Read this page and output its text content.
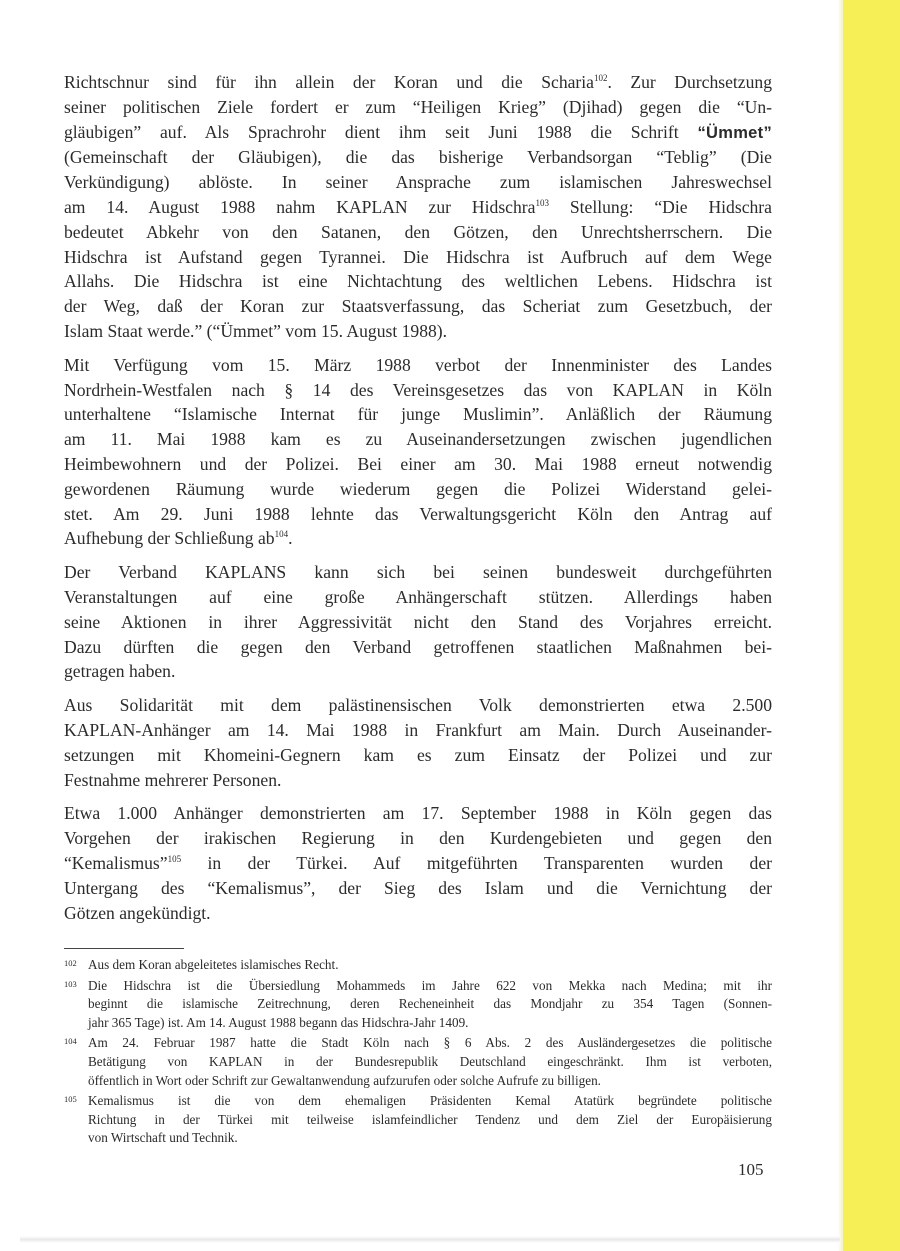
Richtschnur sind für ihn allein der Koran und die Scharia$^{102}$. Zur Durchsetzung
seiner politischen Ziele fordert er zum “Heiligen Krieg” (Djihad) gegen die “Un-
gläubigen” auf. Als Sprachrohr dient ihm seit Juni 1988 die Schrift “Ümmet”
(Gemeinschaft der Gläubigen), die das bisherige Verbandsorgan “Teblig” (Die
Verkündigung) ablöste. In seiner Ansprache zum islamischen Jahreswechsel
am 14. August 1988 nahm KAPLAN zur Hidschra$^{103}$ Stellung: “Die Hidschra
bedeutet Abkehr von den Satanen, den Götzen, den Unrechtsherrschern. Die
Hidschra ist Aufstand gegen Tyrannei. Die Hidschra ist Aufbruch auf dem Wege
Allahs. Die Hidschra ist eine Nichtachtung des weltlichen Lebens. Hidschra ist
der Weg, daß der Koran zur Staatsverfassung, das Scheriat zum Gesetzbuch, der
Islam Staat werde.” (“Ümmet” vom 15. August 1988).

Mit Verfügung vom 15. März 1988 verbot der Innenminister des Landes
Nordrhein-Westfalen nach § 14 des Vereinsgesetzes das von KAPLAN in Köln
unterhaltene “Islamische Internat für junge Muslimin”. Anläßlich der Räumung
am 11. Mai 1988 kam es zu Auseinandersetzungen zwischen jugendlichen
Heimbewohnern und der Polizei. Bei einer am 30. Mai 1988 erneut notwendig
gewordenen Räumung wurde wiederum gegen die Polizei Widerstand gelei-
stet. Am 29. Juni 1988 lehnte das Verwaltungsgericht Köln den Antrag auf
Aufhebung der Schließung $ab^{104}$.

Der Verband KAPLANS kann sich bei seinen bundesweit durchgeführten
Veranstaltungen auf eine große Anhängerschaft stützen. Allerdings haben
seine Aktionen in ihrer Aggressivität nicht den Stand des Vorjahres erreicht.
Dazu dürften die gegen den Verband getroffenen staatlichen Maßnahmen bei-
getragen haben.

Aus Solidarität mit dem palästinensischen Volk demonstrierten etwa 2.500
KAPLAN-Anhänger am 14. Mai 1988 in Frankfurt am Main. Durch Auseinander-
setzungen mit Khomeini-Gegnern kam es zum Einsatz der Polizei und zur
Festnahme mehrerer Personen.

Etwa 1.000 Anhänger demonstrierten am 17. September 1988 in Köln gegen das
Vorgehen der irakischen Regierung in den Kurdengebieten und gegen den
“Kemalismus”$^{105}$ in der Türkei. Auf mitgeführten Transparenten wurden der
Untergang des “Kemalismus”, der Sieg des Islam und die Vernichtung der
Götzen angekündigt.

102 Aus dem Koran abgeleitetes islamisches Recht.
103 Die Hidschra ist die Übersiedlung Mohammeds im Jahre 622 von Mekka nach Medina; mit ihr
beginnt die islamische Zeitrechnung, deren Recheneinheit das Mondjahr zu 354 Tagen (Sonnen-
jahr 365 Tage) ist. Am 14. August 1988 begann das Hidschra-Jahr 1409.
104 Am 24. Februar 1987 hatte die Stadt Köln nach § 6 Abs. 2 des Ausländergesetzes die politische
Betätigung von KAPLAN in der Bundesrepublik Deutschland eingeschränkt. Ihm ist verboten,
öffentlich in Wort oder Schrift zur Gewaltanwendung aufzurufen oder solche Aufrufe zu billigen.
105 Kemalismus ist die von dem ehemaligen Präsidenten Kemal Atatürk begründete politische
Richtung in der Türkei mit teilweise islamfeindlicher Tendenz und dem Ziel der Europäisierung
von Wirtschaft und Technik.
105
